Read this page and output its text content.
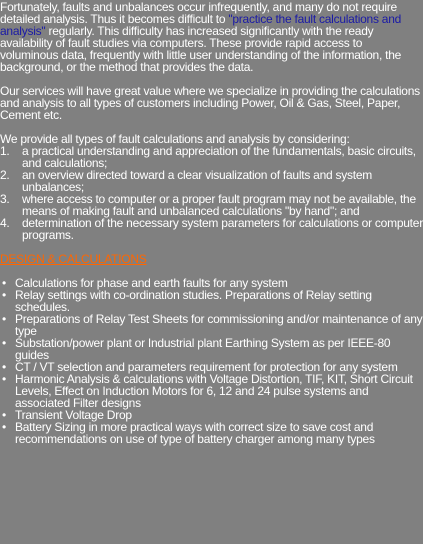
Fortunately, faults and unbalances occur infrequently, and many do not require detailed analysis. Thus it becomes difficult to "practice the fault calculations and analysis" regularly. This difficulty has increased significantly with the ready availability of fault studies via computers. These provide rapid access to voluminous data, frequently with little user understanding of the information, the background, or the method that provides the data.

Our services will have great value where we specialize in providing the calculations and analysis to all types of customers including Power, Oil & Gas, Steel, Paper, Cement etc.

We provide all types of fault calculations and analysis by considering:

1. a practical understanding and appreciation of the fundamentals, basic circuits, and calculations;
2. an overview directed toward a clear visualization of faults and system unbalances;
3. where access to computer or a proper fault program may not be available, the means of making fault and unbalanced calculations "by hand"; and
4. determination of the necessary system parameters for calculations or computer programs.
DESIGN & CALCULATIONS
• Calculations for phase and earth faults for any system
• Relay settings with co-ordination studies. Preparations of Relay setting schedules.
• Preparations of Relay Test Sheets for commissioning and/or maintenance of any type
• Substation/power plant or Industrial plant Earthing System as per IEEE-80 guides
• CT / VT selection and parameters requirement for protection for any system
• Harmonic Analysis & calculations with Voltage Distortion, TIF, KIT, Short Circuit Levels, Effect on Induction Motors for 6, 12 and 24 pulse systems and associated Filter designs
• Transient Voltage Drop
• Battery Sizing in more practical ways with correct size to save cost and recommendations on use of type of battery charger among many types
